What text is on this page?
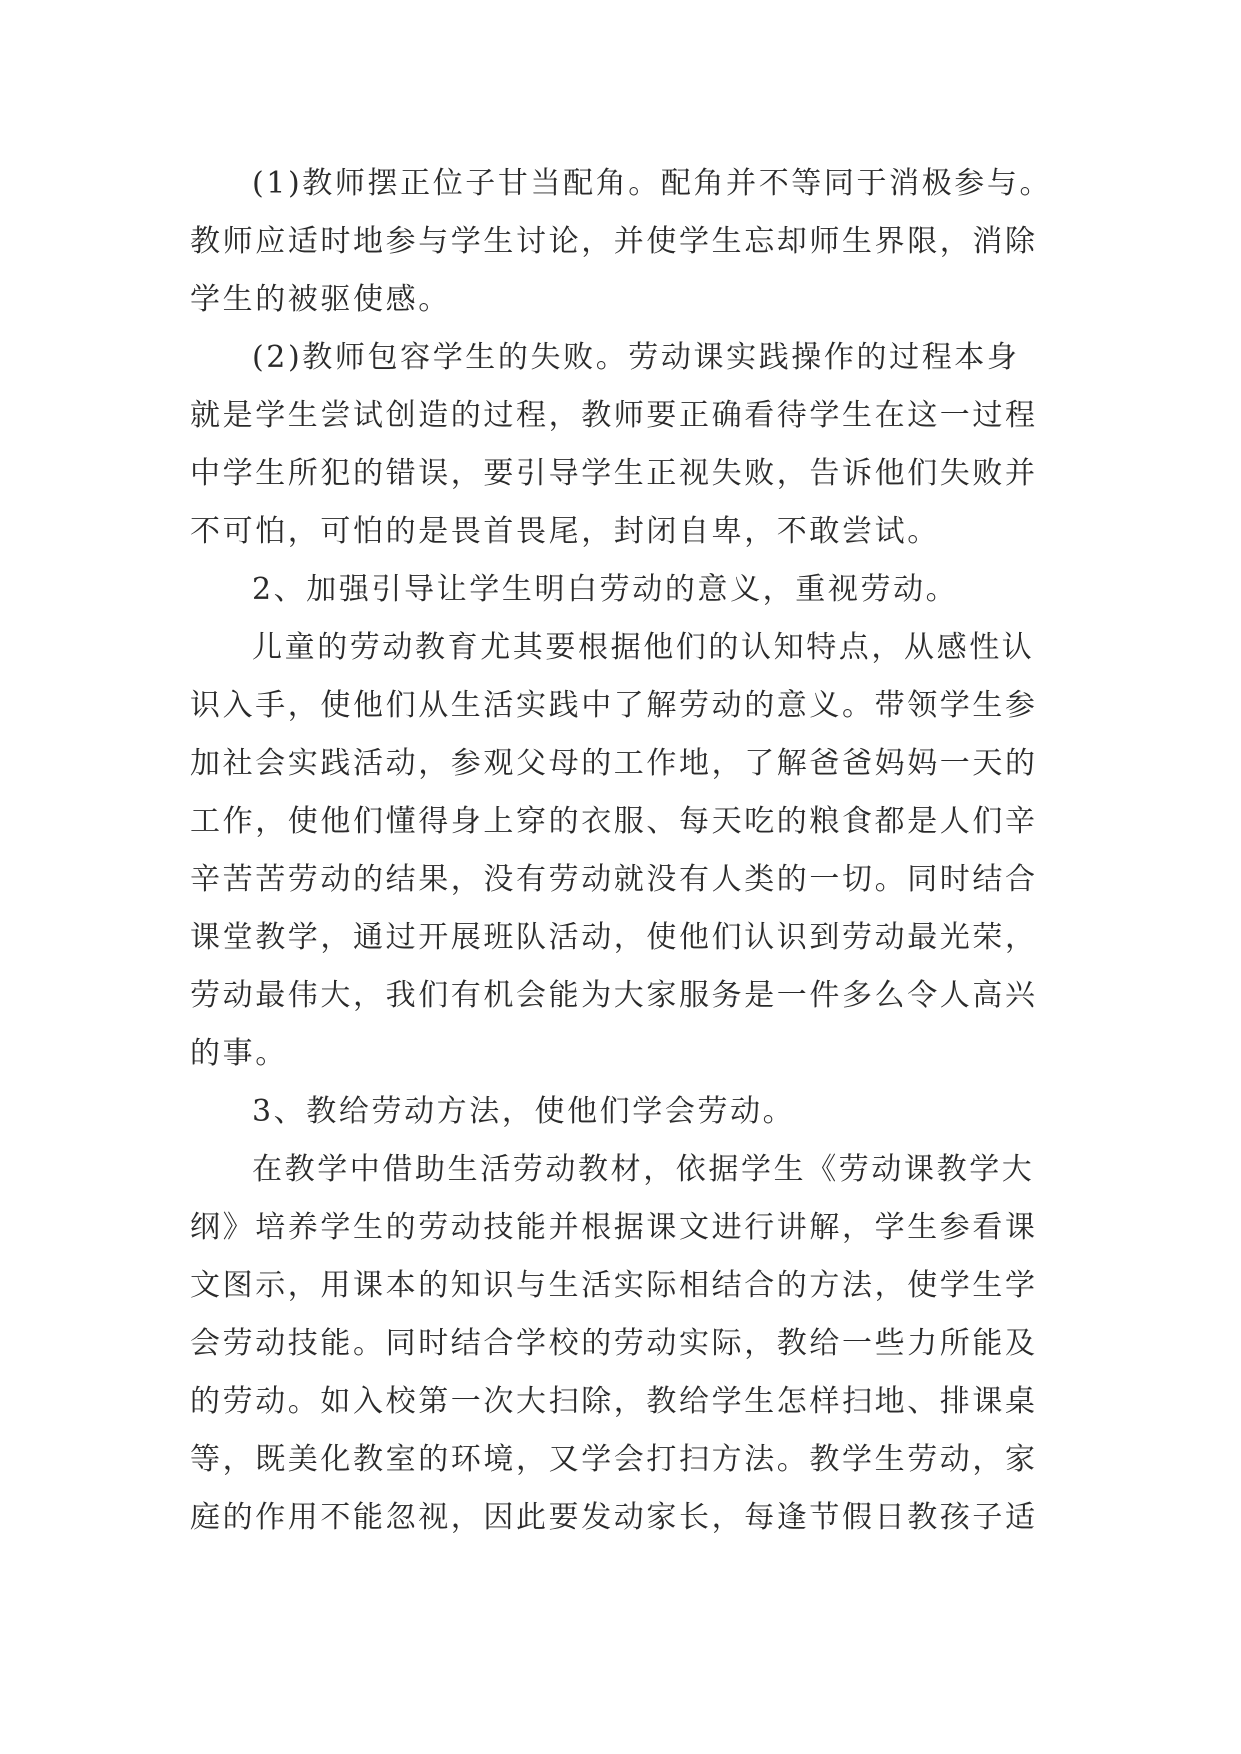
(1)教师摆正位子甘当配角。配角并不等同于消极参与。

教师应适时地参与学生讨论，并使学生忘却师生界限，消除

学生的被驱使感。

(2)教师包容学生的失败。劳动课实践操作的过程本身

就是学生尝试创造的过程，教师要正确看待学生在这一过程

中学生所犯的错误，要引导学生正视失败，告诉他们失败并

不可怕，可怕的是畏首畏尾，封闭自卑，不敢尝试。

2、加强引导让学生明白劳动的意义，重视劳动。

儿童的劳动教育尤其要根据他们的认知特点，从感性认

识入手，使他们从生活实践中了解劳动的意义。带领学生参

加社会实践活动，参观父母的工作地，了解爸爸妈妈一天的

工作，使他们懂得身上穿的衣服、每天吃的粮食都是人们辛

辛苦苦劳动的结果，没有劳动就没有人类的一切。同时结合

课堂教学，通过开展班队活动，使他们认识到劳动最光荣，

劳动最伟大，我们有机会能为大家服务是一件多么令人高兴

的事。

3、教给劳动方法，使他们学会劳动。

在教学中借助生活劳动教材，依据学生《劳动课教学大

纲》培养学生的劳动技能并根据课文进行讲解，学生参看课

文图示，用课本的知识与生活实际相结合的方法，使学生学

会劳动技能。同时结合学校的劳动实际，教给一些力所能及

的劳动。如入校第一次大扫除，教给学生怎样扫地、排课桌

等，既美化教室的环境，又学会打扫方法。教学生劳动，家

庭的作用不能忽视，因此要发动家长，每逢节假日教孩子适
